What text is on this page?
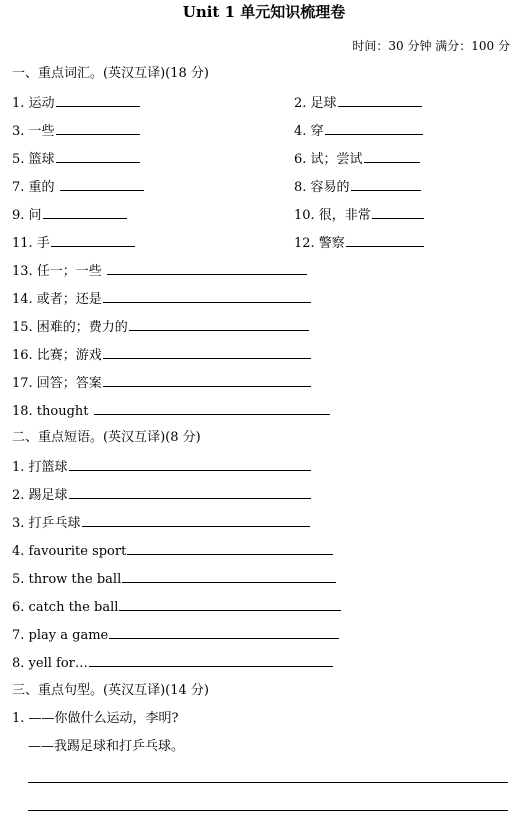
Unit 1 单元知识梳理卷
时间：30 分钟 满分：100 分
一、重点词汇。(英汉互译)(18 分)
1. 运动	2. 足球
3. 一些	4. 穿
5. 篮球	6. 试；尝试
7. 重的	8. 容易的
9. 问	10. 很，非常
11. 手	12. 警察
13. 任一；一些
14. 或者；还是
15. 困难的；费力的
16. 比赛；游戏
17. 回答；答案
18. thought
二、重点短语。(英汉互译)(8 分)
1. 打篮球
2. 踢足球
3. 打乒乓球
4. favourite sport
5. throw the ball
6. catch the ball
7. play a game
8. yell for…
三、重点句型。(英汉互译)(14 分)
1. ——你做什么运动，李明?
——我踢足球和打乒乓球。
